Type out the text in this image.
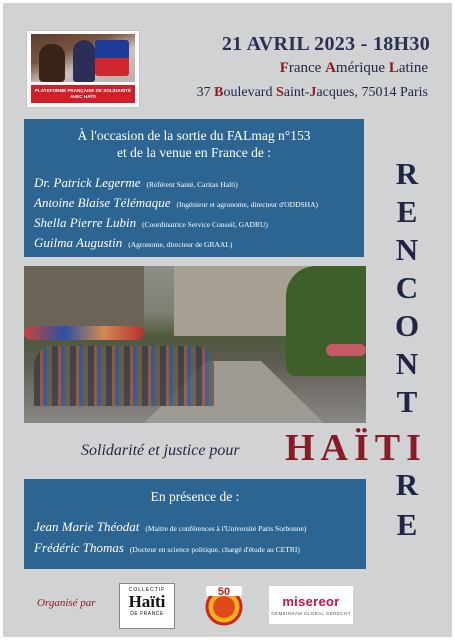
PLATEFORME FRANÇAISE DE SOLIDARITÉ AVEC HAÏTI
21 AVRIL 2023 - 18H30
France Amérique Latine
37 Boulevard Saint-Jacques, 75014 Paris
À l'occasion de la sortie du FALmag n°153
et de la venue en France de :
Dr. Patrick Legerme (Référent Santé, Caritas Haïti)
Antoine Blaise Télémaque (Ingénieur et agronome, directeur d'ODDSHA)
Shella Pierre Lubin (Coordinatrice Service Conseil, GADRU)
Guilma Augustin (Agronome, directeur de GRAAL)
R
E
N
C
O
N
T
R
E
Solidarité et justice pour HAÏTI
En présence de :
Jean Marie Théodat (Maitre de conférences à l'Université Paris Sorbonne)
Frédéric Thomas (Docteur en science politique, chargé d'étude au CETRI)
Organisé par
COLLECTIF
Haïti
DE FRANCE
50
misereor
GEMEINSAM GLOBAL GERECHT
